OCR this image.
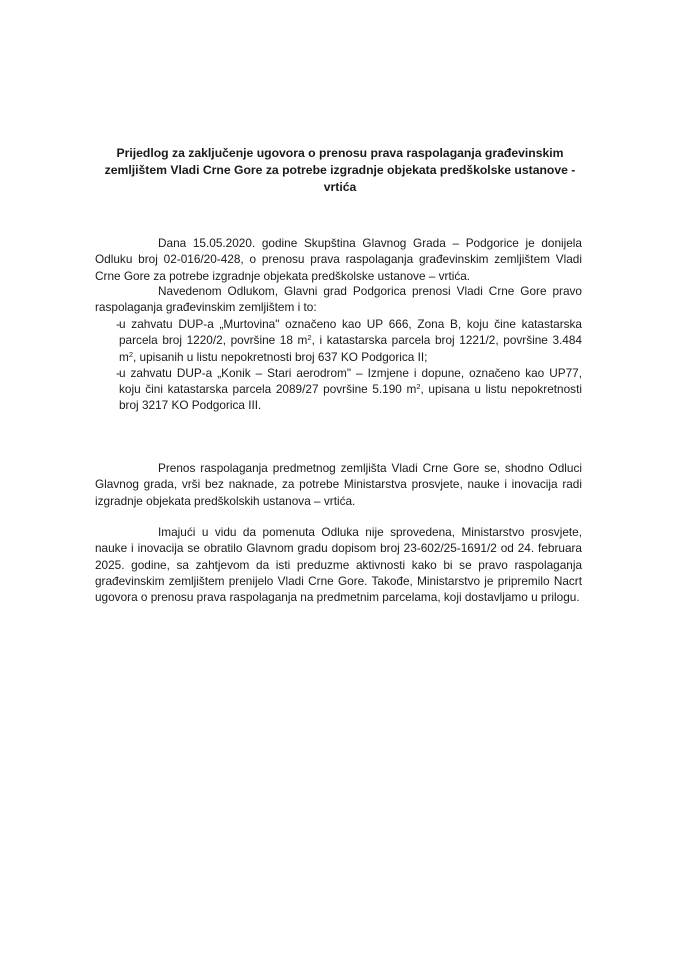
Prijedlog za zaključenje ugovora o prenosu prava raspolaganja građevinskim zemljištem Vladi Crne Gore za potrebe izgradnje objekata predškolske ustanove - vrtića

Dana 15.05.2020. godine Skupština Glavnog Grada – Podgorice je donijela Odluku broj 02-016/20-428, o prenosu prava raspolaganja građevinskim zemljištem Vladi Crne Gore za potrebe izgradnje objekata predškolske ustanove – vrtića.

Navedenom Odlukom, Glavni grad Podgorica prenosi Vladi Crne Gore pravo raspolaganja građevinskim zemljištem i to:

- u zahvatu DUP-a „Murtovina" označeno kao UP 666, Zona B, koju čine katastarska parcela broj 1220/2, površine 18 $m^2$, i katastarska parcela broj 1221/2, površine 3.484 $m^2$, upisanih u listu nepokretnosti broj 637 KO Podgorica II;
- u zahvatu DUP-a „Konik – Stari aerodrom" – Izmjene i dopune, označeno kao UP77, koju čini katastarska parcela 2089/27 površine 5.190 $m^2$, upisana u listu nepokretnosti broj 3217 KO Podgorica III.

Prenos raspolaganja predmetnog zemljišta Vladi Crne Gore se, shodno Odluci Glavnog grada, vrši bez naknade, za potrebe Ministarstva prosvjete, nauke i inovacija radi izgradnje objekata predškolskih ustanova – vrtića.

Imajući u vidu da pomenuta Odluka nije sprovedena, Ministarstvo prosvjete, nauke i inovacija se obratilo Glavnom gradu dopisom broj 23-602/25-1691/2 od 24. februara 2025. godine, sa zahtjevom da isti preduzme aktivnosti kako bi se pravo raspolaganja građevinskim zemljištem prenijelo Vladi Crne Gore. Takođe, Ministarstvo je pripremilo Nacrt ugovora o prenosu prava raspolaganja na predmetnim parcelama, koji dostavljamo u prilogu.
